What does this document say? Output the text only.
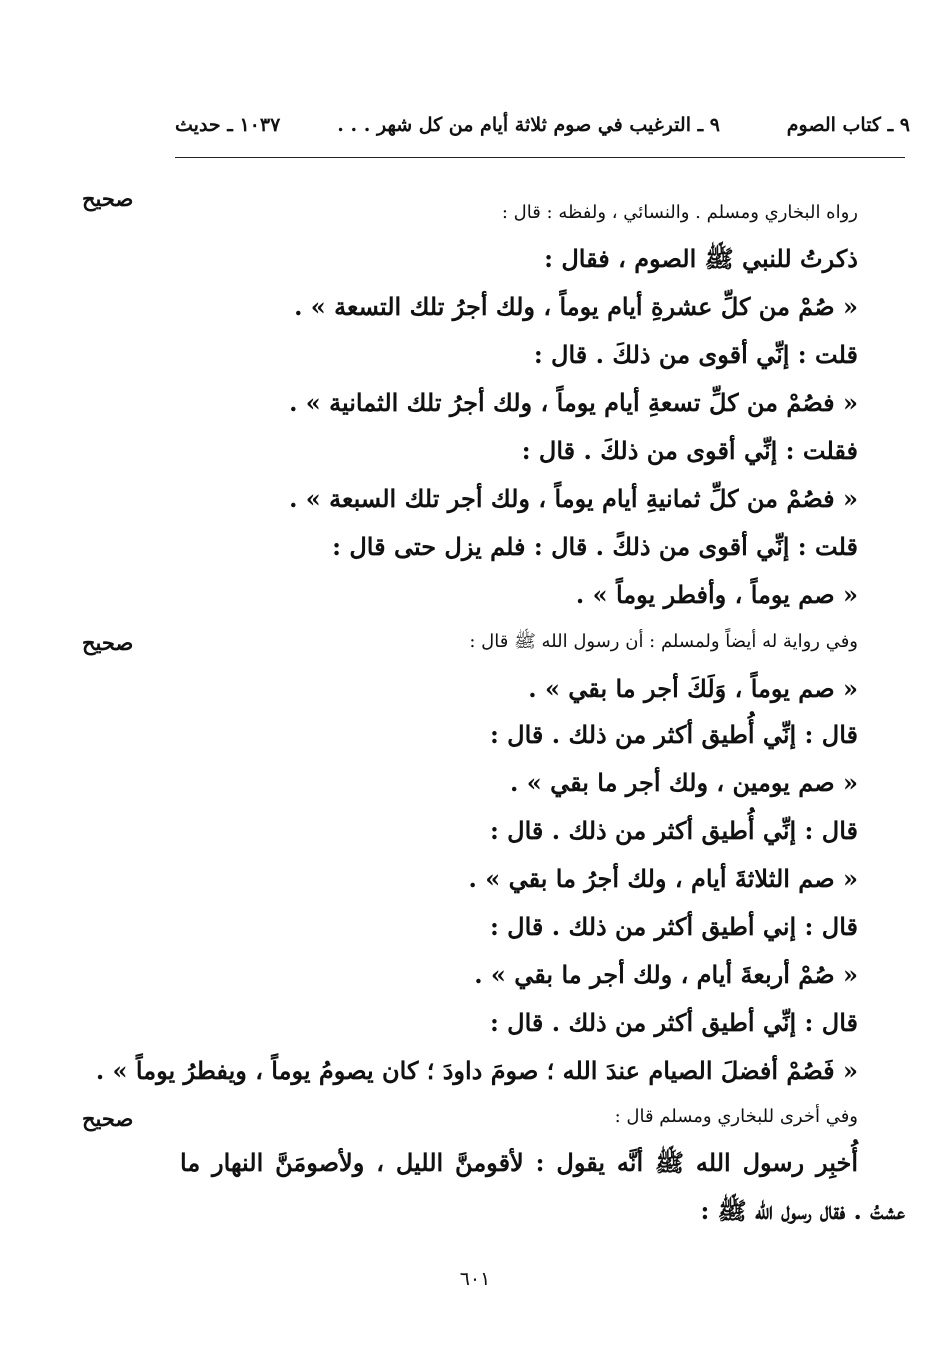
٩ ـ كتاب الصوم
٩ ـ الترغيب في صوم ثلاثة أيام من كل شهر . . .
١٠٣٧ ـ حديث
صحيح
صحيح
صحيح
رواه البخاري ومسلم . والنسائي ، ولفظه : قال :
ذكرتُ للنبي ﷺ الصوم ، فقال :
« صُمْ من كلِّ عشرةِ أيام يوماً ، ولك أجرُ تلك التسعة » .
قلت : إنِّي أقوى من ذلكَ . قال :
« فصُمْ من كلِّ تسعةِ أيام يوماً ، ولك أجرُ تلك الثمانية » .
فقلت : إنِّي أقوى من ذلكَ . قال :
« فصُمْ من كلِّ ثمانيةِ أيام يوماً ، ولك أجر تلك السبعة » .
قلت : إنِّي أقوى من ذلكً . قال : فلم يزل حتى قال :
« صم يوماً ، وأفطر يوماً » .
وفي رواية له أيضاً ولمسلم : أن رسول الله ﷺ قال :
« صم يوماً ، وَلَكَ أجر ما بقي » .
قال : إنِّي أُطيق أكثر من ذلك . قال :
« صم يومين ، ولك أجر ما بقي » .
قال : إنِّي أُطيق أكثر من ذلك . قال :
« صم الثلاثةَ أيام ، ولك أجرُ ما بقي » .
قال : إني أطيق أكثر من ذلك . قال :
« صُمْ أربعةَ أيام ، ولك أجر ما بقي » .
قال : إنِّي أطيق أكثر من ذلك . قال :
« فَصُمْ أفضلَ الصيام عندَ الله ؛ صومَ داودَ ؛ كان يصومُ يوماً ، ويفطرُ يوماً » .
وفي أخرى للبخاري ومسلم قال :
أُخبِر رسول الله ﷺ أنَّه يقول : لأقومنَّ الليل ، ولأصومَنَّ النهار ما
عشتُ . فقال رسول الله ﷺ :
٦٠١
